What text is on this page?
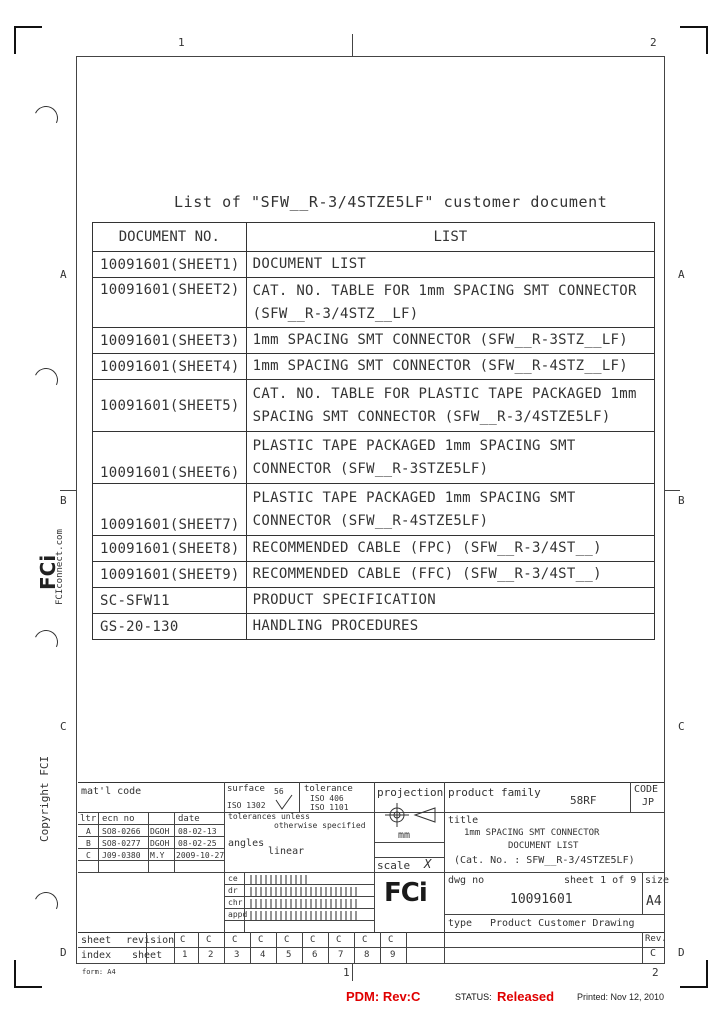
1	2
1	2
A	A
B	B
C	C
D	D
FCIconnect.com
FCi
Copyright FCI
List of "SFW__R-3/4STZE5LF" customer document
DOCUMENT NO.	LIST
10091601(SHEET1)	DOCUMENT LIST
10091601(SHEET2)	CAT. NO. TABLE FOR 1mm SPACING SMT CONNECTOR (SFW__R-3/4STZ__LF)
10091601(SHEET3)	1mm SPACING SMT CONNECTOR (SFW__R-3STZ__LF)
10091601(SHEET4)	1mm SPACING SMT CONNECTOR (SFW__R-4STZ__LF)
10091601(SHEET5)	CAT. NO. TABLE FOR PLASTIC TAPE PACKAGED 1mm SPACING SMT CONNECTOR (SFW__R-3/4STZE5LF)
10091601(SHEET6)	PLASTIC TAPE PACKAGED 1mm SPACING SMT CONNECTOR (SFW__R-3STZE5LF)
10091601(SHEET7)	PLASTIC TAPE PACKAGED 1mm SPACING SMT CONNECTOR (SFW__R-4STZE5LF)
10091601(SHEET8)	RECOMMENDED CABLE (FPC) (SFW__R-3/4ST__)
10091601(SHEET9)	RECOMMENDED CABLE (FFC) (SFW__R-3/4ST__)
SC-SFW11	PRODUCT SPECIFICATION
GS-20-130	HANDLING PROCEDURES
mat'l code	surface 56
ISO 1302
tolerance
ISO 406
ISO 1101
projection product family
58RF
CODE
JP
ltr ecn no	date
A SO8-0266 DGOH 08-02-13
B SO8-0277 DGOH 08-02-25
C J09-0380 M.Y 2009-10-27
tolerances unless
otherwise specified
angles
linear
mm
scale X
title
1mm SPACING SMT CONNECTOR
DOCUMENT LIST
(Cat. No. : SFW__R-3/4STZE5LF)
ce
dr
chr
appd
FCi dwg no	sheet 1 of 9
10091601
size
A4
type Product Customer Drawing
sheet revision
index sheet
C C C C C C C C C
1 2 3 4 5 6 7 8 9
Rev.
C
form: A4
PDM: Rev:C	STATUS: Released	Printed: Nov 12, 2010
